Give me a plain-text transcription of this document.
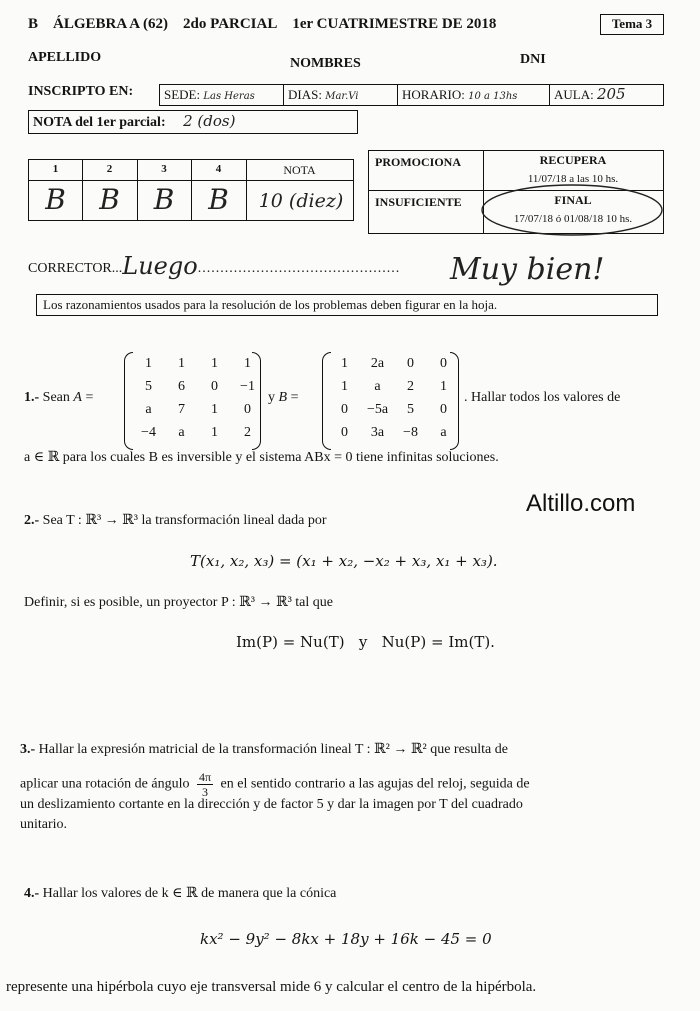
B ÁLGEBRA A (62) 2do PARCIAL 1er CUATRIMESTRE DE 2018	Tema 3
APELLIDO	NOMBRES	DNI
INSCRIPTO EN:	SEDE: Las Heras	DIAS: Mar.Vi	HORARIO: 10 a 13hs	AULA: 205
NOTA del 1er parcial: 2 (dos)
1	2	3	4	NOTA
B	B	B	B	10 (diez)
PROMOCIONA	RECUPERA
11/07/18 a las 10 hs.
INSUFICIENTE	FINAL
17/07/18 ó 01/08/18 10 hs.
CORRECTOR...Luego............................................. Muy bien!
Los razonamientos usados para la resolución de los problemas deben figurar en la hoja.
1.- Sean A =
1	1	1	1
5	6	0	−1
a	7	1	0
−4	a	1	2
y B =
1	2a	0	0
1	a	2	1
0	−5a	5	0
0	3a	−8	a
. Hallar todos los valores de
a ∈ ℝ para los cuales B es inversible y el sistema ABx = 0 tiene infinitas soluciones.
Altillo.com
2.- Sea T : ℝ³ → ℝ³ la transformación lineal dada por
T(x₁, x₂, x₃) = (x₁ + x₂, −x₂ + x₃, x₁ + x₃).
Definir, si es posible, un proyector P : ℝ³ → ℝ³ tal que
Im(P) = Nu(T)   y   Nu(P) = Im(T).
3.- Hallar la expresión matricial de la transformación lineal T : ℝ² → ℝ² que resulta de
aplicar una rotación de ángulo $\frac{4\pi}{3}$ en el sentido contrario a las agujas del reloj, seguida de
un deslizamiento cortante en la dirección y de factor 5 y dar la imagen por T del cuadrado
unitario.
4.- Hallar los valores de k ∈ ℝ de manera que la cónica
kx² − 9y² − 8kx + 18y + 16k − 45 = 0
represente una hipérbola cuyo eje transversal mide 6 y calcular el centro de la hipérbola.
